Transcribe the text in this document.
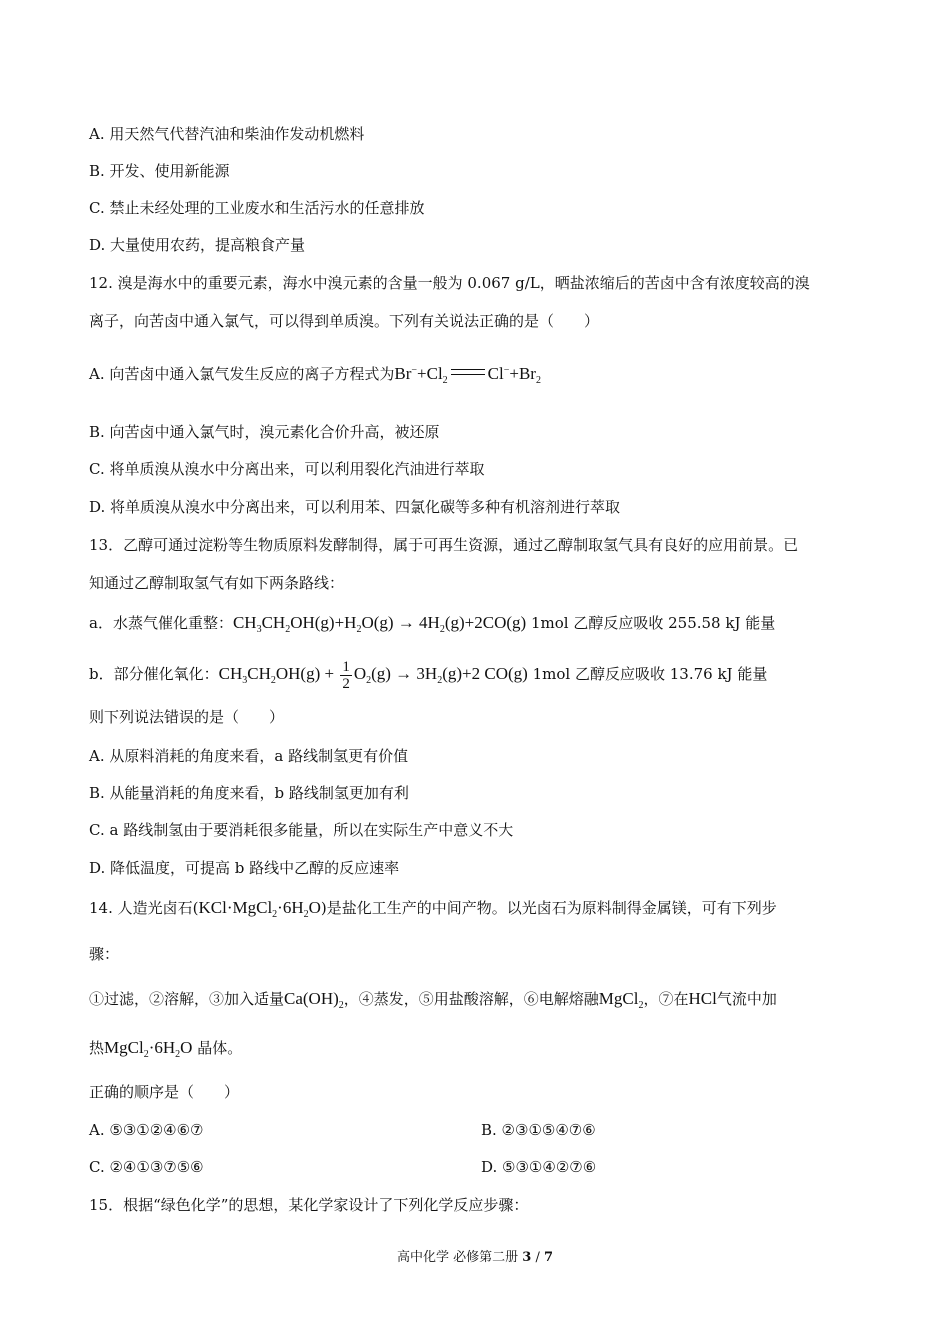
A. 用天然气代替汽油和柴油作发动机燃料
B. 开发、使用新能源
C. 禁止未经处理的工业废水和生活污水的任意排放
D. 大量使用农药，提高粮食产量
12. 溴是海水中的重要元素，海水中溴元素的含量一般为 0.067 g/L，晒盐浓缩后的苦卤中含有浓度较高的溴
离子，向苦卤中通入氯气，可以得到单质溴。下列有关说法正确的是（　　）
A. 向苦卤中通入氯气发生反应的离子方程式为$Br^-+Cl_2$ $Cl^-+Br_2$
B. 向苦卤中通入氯气时，溴元素化合价升高，被还原
C. 将单质溴从溴水中分离出来，可以利用裂化汽油进行萃取
D. 将单质溴从溴水中分离出来，可以利用苯、四氯化碳等多种有机溶剂进行萃取
13．乙醇可通过淀粉等生物质原料发酵制得，属于可再生资源，通过乙醇制取氢气具有良好的应用前景。已
知通过乙醇制取氢气有如下两条路线：
a．水蒸气催化重整：$CH_3CH_2OH(g)+H_2O(g) \to 4H_2(g)+2CO(g)$ 1mol 乙醇反应吸收 255.58 kJ 能量
b．部分催化氧化：$CH_3CH_2OH(g) + \frac{1}{2} O_2(g) \to 3H_2(g)+2$ CO(g) 1mol 乙醇反应吸收 13.76 kJ 能量
则下列说法错误的是（　　）
A. 从原料消耗的角度来看，a 路线制氢更有价值
B. 从能量消耗的角度来看，b 路线制氢更加有利
C. a 路线制氢由于要消耗很多能量，所以在实际生产中意义不大
D. 降低温度，可提高 b 路线中乙醇的反应速率
14. 人造光卤石$(KCl\cdot MgCl_2\cdot 6H_2O)$是盐化工生产的中间产物。以光卤石为原料制得金属镁，可有下列步
骤：
①过滤，②溶解，③加入适量$Ca(OH)_2$，④蒸发，⑤用盐酸溶解，⑥电解熔融MgCl$_2$，⑦在HCl气流中加
热$MgCl_2\cdot 6H_2O$ 晶体。
正确的顺序是（　　）
A. ⑤③①②④⑥⑦	B. ②③①⑤④⑦⑥
C. ②④①③⑦⑤⑥	D. ⑤③①④②⑦⑥
15．根据“绿色化学”的思想，某化学家设计了下列化学反应步骤：
高中化学 必修第二册 3 / 7
